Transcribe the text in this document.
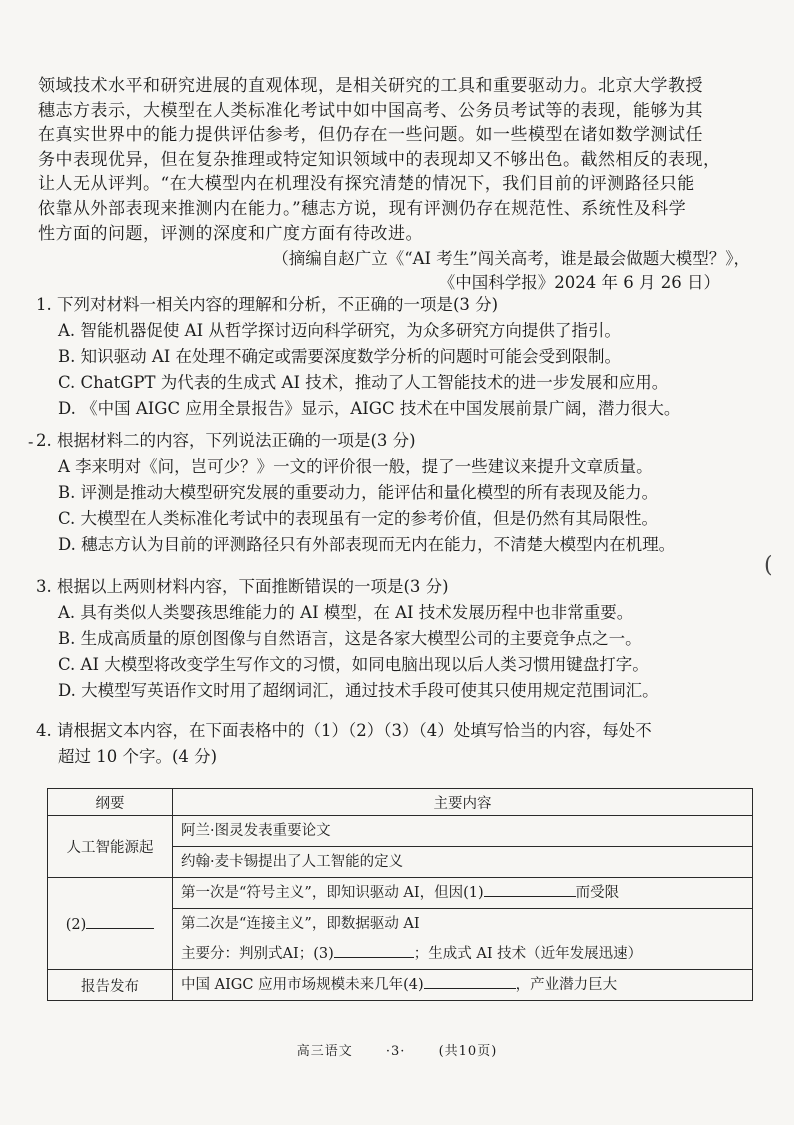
领域技术水平和研究进展的直观体现，是相关研究的工具和重要驱动力。北京大学教授

穗志方表示，大模型在人类标准化考试中如中国高考、公务员考试等的表现，能够为其

在真实世界中的能力提供评估参考，但仍存在一些问题。如一些模型在诸如数学测试任

务中表现优异，但在复杂推理或特定知识领域中的表现却又不够出色。截然相反的表现，

让人无从评判。“在大模型内在机理没有探究清楚的情况下，我们目前的评测路径只能

依靠从外部表现来推测内在能力。”穗志方说，现有评测仍存在规范性、系统性及科学

性方面的问题，评测的深度和广度方面有待改进。

（摘编自赵广立《“AI 考生”闯关高考，谁是最会做题大模型？》，
《中国科学报》2024 年 6 月 26 日）

1. 下列对材料一相关内容的理解和分析，不正确的一项是(3 分)

A. 智能机器促使 AI 从哲学探讨迈向科学研究，为众多研究方向提供了指引。

B. 知识驱动 AI 在处理不确定或需要深度数学分析的问题时可能会受到限制。

C. ChatGPT 为代表的生成式 AI 技术，推动了人工智能技术的进一步发展和应用。

D. 《中国 AIGC 应用全景报告》显示，AIGC 技术在中国发展前景广阔，潜力很大。

- 2. 根据材料二的内容，下列说法正确的一项是(3 分)

A 李来明对《问，岂可少？》一文的评价很一般，提了一些建议来提升文章质量。

B. 评测是推动大模型研究发展的重要动力，能评估和量化模型的所有表现及能力。

C. 大模型在人类标准化考试中的表现虽有一定的参考价值，但是仍然有其局限性。

D. 穗志方认为目前的评测路径只有外部表现而无内在能力，不清楚大模型内在机理。

(

3. 根据以上两则材料内容，下面推断错误的一项是(3 分)

A. 具有类似人类婴孩思维能力的 AI 模型，在 AI 技术发展历程中也非常重要。

B. 生成高质量的原创图像与自然语言，这是各家大模型公司的主要竞争点之一。

C. AI 大模型将改变学生写作文的习惯，如同电脑出现以后人类习惯用键盘打字。

D. 大模型写英语作文时用了超纲词汇，通过技术手段可使其只使用规定范围词汇。

4. 请根据文本内容，在下面表格中的（1）（2）（3）（4）处填写恰当的内容，每处不

超过 10 个字。(4 分)

纲要	主要内容
人工智能源起	阿兰·图灵发表重要论文
约翰·麦卡锡提出了人工智能的定义

(2)	第一次是“符号主义”，即知识驱动 AI，但因(1) 而受限
第二次是“连接主义”，即数据驱动 AI
主要分：判别式AI；(3) ；生成式 AI 技术（近年发展迅速）

报告发布	中国 AIGC 应用市场规模未来几年(4) ，产业潜力巨大
高三语文	·3·	(共10页)
